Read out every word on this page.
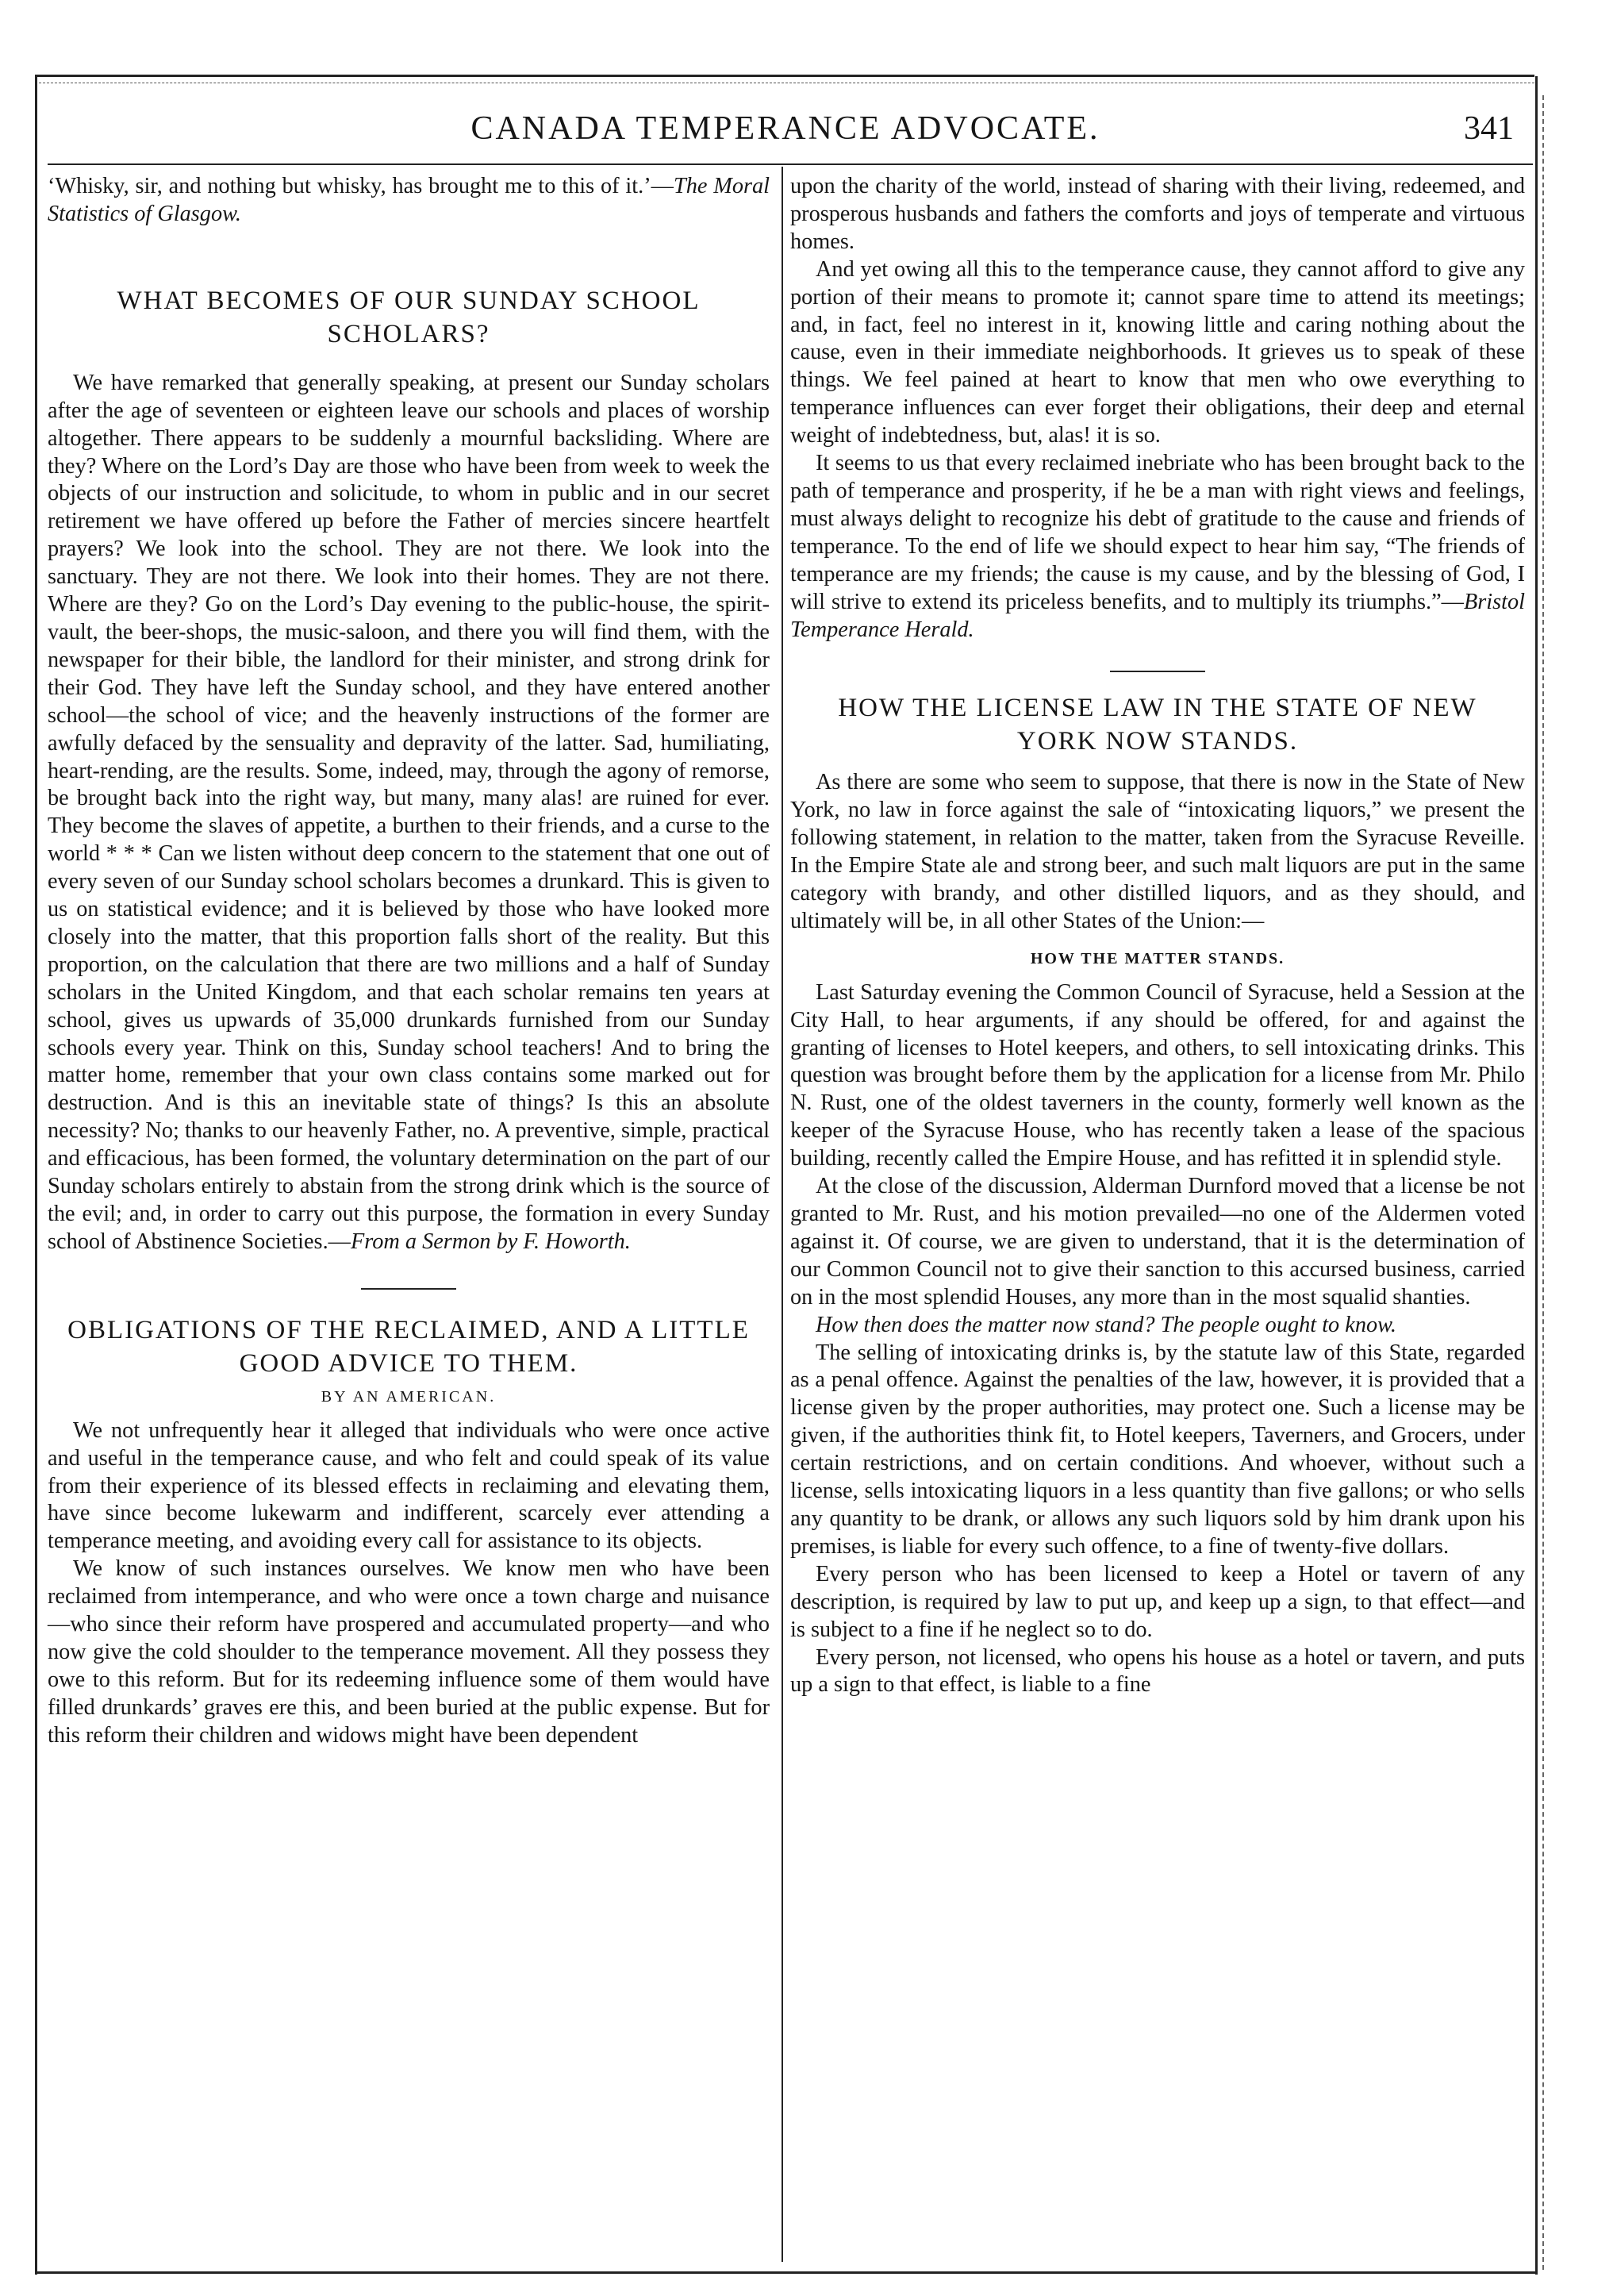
CANADA TEMPERANCE ADVOCATE.	341

‘Whisky, sir, and nothing but whisky, has brought me to this of it.’—The Moral Statistics of Glasgow.

WHAT BECOMES OF OUR SUNDAY SCHOOL SCHOLARS?

We have remarked that generally speaking, at present our Sunday scholars after the age of seventeen or eighteen leave our schools and places of worship altogether. There appears to be suddenly a mournful backsliding. Where are they? Where on the Lord’s Day are those who have been from week to week the objects of our instruction and solicitude, to whom in public and in our secret retirement we have offered up before the Father of mercies sincere heartfelt prayers? We look into the school. They are not there. We look into the sanctuary. They are not there. We look into their homes. They are not there. Where are they? Go on the Lord’s Day evening to the public-house, the spirit-vault, the beer-shops, the music-saloon, and there you will find them, with the newspaper for their bible, the landlord for their minister, and strong drink for their God. They have left the Sunday school, and they have entered another school—the school of vice; and the heavenly instructions of the former are awfully defaced by the sensuality and depravity of the latter. Sad, humiliating, heart-rending, are the results. Some, indeed, may, through the agony of remorse, be brought back into the right way, but many, many alas! are ruined for ever. They become the slaves of appetite, a burthen to their friends, and a curse to the world * * * Can we listen without deep concern to the statement that one out of every seven of our Sunday school scholars becomes a drunkard. This is given to us on statistical evidence; and it is believed by those who have looked more closely into the matter, that this proportion falls short of the reality. But this proportion, on the calculation that there are two millions and a half of Sunday scholars in the United Kingdom, and that each scholar remains ten years at school, gives us upwards of 35,000 drunkards furnished from our Sunday schools every year. Think on this, Sunday school teachers! And to bring the matter home, remember that your own class contains some marked out for destruction. And is this an inevitable state of things? Is this an absolute necessity? No; thanks to our heavenly Father, no. A preventive, simple, practical and efficacious, has been formed, the voluntary determination on the part of our Sunday scholars entirely to abstain from the strong drink which is the source of the evil; and, in order to carry out this purpose, the formation in every Sunday school of Abstinence Societies.—From a Sermon by F. Howorth.

OBLIGATIONS OF THE RECLAIMED, AND A LITTLE GOOD ADVICE TO THEM.
BY AN AMERICAN.

We not unfrequently hear it alleged that individuals who were once active and useful in the temperance cause, and who felt and could speak of its value from their experience of its blessed effects in reclaiming and elevating them, have since become lukewarm and indifferent, scarcely ever attending a temperance meeting, and avoiding every call for assistance to its objects.

We know of such instances ourselves. We know men who have been reclaimed from intemperance, and who were once a town charge and nuisance—who since their reform have prospered and accumulated property—and who now give the cold shoulder to the temperance movement. All they possess they owe to this reform. But for its redeeming influence some of them would have filled drunkards’ graves ere this, and been buried at the public expense. But for this reform their children and widows might have been dependent

upon the charity of the world, instead of sharing with their living, redeemed, and prosperous husbands and fathers the comforts and joys of temperate and virtuous homes.

And yet owing all this to the temperance cause, they cannot afford to give any portion of their means to promote it; cannot spare time to attend its meetings; and, in fact, feel no interest in it, knowing little and caring nothing about the cause, even in their immediate neighborhoods. It grieves us to speak of these things. We feel pained at heart to know that men who owe everything to temperance influences can ever forget their obligations, their deep and eternal weight of indebtedness, but, alas! it is so.

It seems to us that every reclaimed inebriate who has been brought back to the path of temperance and prosperity, if he be a man with right views and feelings, must always delight to recognize his debt of gratitude to the cause and friends of temperance. To the end of life we should expect to hear him say, “The friends of temperance are my friends; the cause is my cause, and by the blessing of God, I will strive to extend its priceless benefits, and to multiply its triumphs.”—Bristol Temperance Herald.

HOW THE LICENSE LAW IN THE STATE OF NEW YORK NOW STANDS.

As there are some who seem to suppose, that there is now in the State of New York, no law in force against the sale of “intoxicating liquors,” we present the following statement, in relation to the matter, taken from the Syracuse Reveille. In the Empire State ale and strong beer, and such malt liquors are put in the same category with brandy, and other distilled liquors, and as they should, and ultimately will be, in all other States of the Union:—

HOW THE MATTER STANDS.

Last Saturday evening the Common Council of Syracuse, held a Session at the City Hall, to hear arguments, if any should be offered, for and against the granting of licenses to Hotel keepers, and others, to sell intoxicating drinks. This question was brought before them by the application for a license from Mr. Philo N. Rust, one of the oldest taverners in the county, formerly well known as the keeper of the Syracuse House, who has recently taken a lease of the spacious building, recently called the Empire House, and has refitted it in splendid style.

At the close of the discussion, Alderman Durnford moved that a license be not granted to Mr. Rust, and his motion prevailed—no one of the Aldermen voted against it. Of course, we are given to understand, that it is the determination of our Common Council not to give their sanction to this accursed business, carried on in the most splendid Houses, any more than in the most squalid shanties.

How then does the matter now stand? The people ought to know.

The selling of intoxicating drinks is, by the statute law of this State, regarded as a penal offence. Against the penalties of the law, however, it is provided that a license given by the proper authorities, may protect one. Such a license may be given, if the authorities think fit, to Hotel keepers, Taverners, and Grocers, under certain restrictions, and on certain conditions. And whoever, without such a license, sells intoxicating liquors in a less quantity than five gallons; or who sells any quantity to be drank, or allows any such liquors sold by him drank upon his premises, is liable for every such offence, to a fine of twenty-five dollars.

Every person who has been licensed to keep a Hotel or tavern of any description, is required by law to put up, and keep up a sign, to that effect—and is subject to a fine if he neglect so to do.

Every person, not licensed, who opens his house as a hotel or tavern, and puts up a sign to that effect, is liable to a fine
